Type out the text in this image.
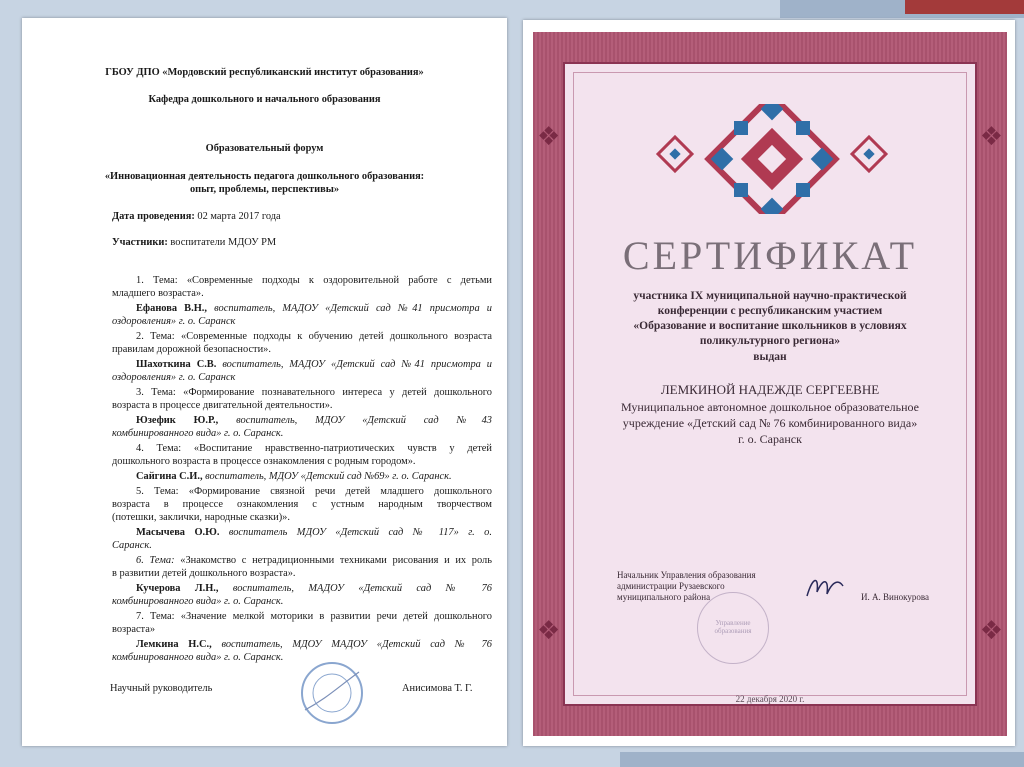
ГБОУ ДПО «Мордовский республиканский институт образования»
Кафедра дошкольного и начального образования
Образовательный форум
«Инновационная деятельность педагога дошкольного образования:
опыт, проблемы, перспективы»
Дата проведения: 02 марта 2017 года
Участники: воспитатели МДОУ РМ
1. Тема: «Современные подходы к оздоровительной работе с детьми
младшего возраста».
Ефанова В.Н., воспитатель, МАДОУ «Детский сад №41 присмотра и
оздоровления» г. о. Саранск
2. Тема: «Современные подходы к обучению детей дошкольного возраста
правилам дорожной безопасности».
Шахоткина С.В. воспитатель, МАДОУ «Детский сад №41 присмотра и
оздоровления» г. о. Саранск
3. Тема: «Формирование познавательного интереса у детей дошкольного
возраста в процессе двигательной деятельности».
Юзефик Ю.Р., воспитатель, МДОУ «Детский сад №43
комбинированного вида» г. о. Саранск.
4. Тема: «Воспитание нравственно-патриотических чувств у детей
дошкольного возраста в процессе ознакомления с родным городом».
Сайгина С.И., воспитатель, МДОУ «Детский сад №69» г. о. Саранск.
5. Тема: «Формирование связной речи детей младшего дошкольного
возраста в процессе ознакомления с устным народным творчеством
(потешки, заклички, народные сказки)».
Масычева О.Ю. воспитатель МДОУ «Детский сад № 117» г. о.
Саранск.
6. Тема: «Знакомство с нетрадиционными техниками рисования и их роль
в развитии детей дошкольного возраста».
Кучерова Л.Н., воспитатель, МАДОУ «Детский сад № 76
комбинированного вида» г. о. Саранск.
7. Тема: «Значение мелкой моторики в развитии речи детей дошкольного
возраста»
Лемкина Н.С., воспитатель, МДОУ МАДОУ «Детский сад № 76
комбинированного вида» г. о. Саранск.
Научный руководитель	Анисимова Т. Г.
❖	❖
❖	❖
СЕРТИФИКАТ
участника IX муниципальной научно-практической
конференции с республиканским участием
«Образование и воспитание школьников в условиях
поликультурного региона»
выдан
ЛЕМКИНОЙ НАДЕЖДЕ СЕРГЕЕВНЕ
Муниципальное автономное дошкольное образовательное
учреждение «Детский сад № 76 комбинированного вида»
г. о. Саранск
Начальник Управления образования
администрации Рузаевского
муниципального района	И. А. Винокурова
Управление образования
22 декабря 2020 г.
